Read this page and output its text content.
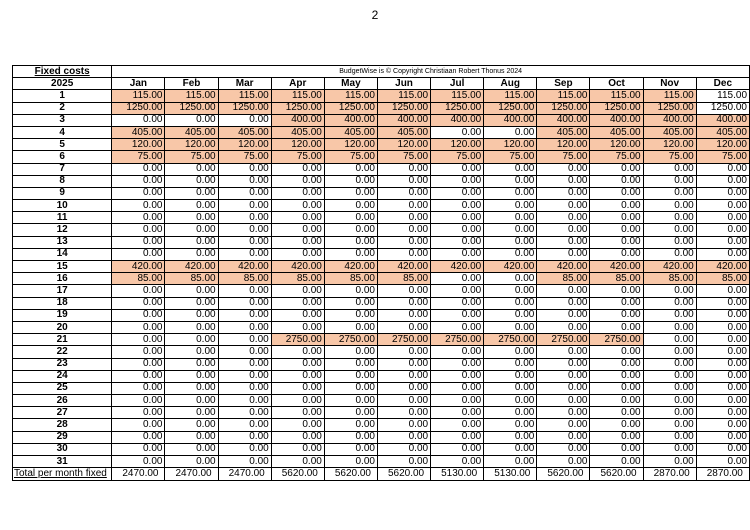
2
Fixed costs	BudgetWise is © Copyright Christiaan Robert Thonus 2024											
2025	Jan	Feb	Mar	Apr	May	Jun	Jul	Aug	Sep	Oct	Nov	Dec
1	115.00	115.00	115.00	115.00	115.00	115.00	115.00	115.00	115.00	115.00	115.00	115.00
2	1250.00	1250.00	1250.00	1250.00	1250.00	1250.00	1250.00	1250.00	1250.00	1250.00	1250.00	1250.00
3	0.00	0.00	0.00	400.00	400.00	400.00	400.00	400.00	400.00	400.00	400.00	400.00
4	405.00	405.00	405.00	405.00	405.00	405.00	0.00	0.00	405.00	405.00	405.00	405.00
5	120.00	120.00	120.00	120.00	120.00	120.00	120.00	120.00	120.00	120.00	120.00	120.00
6	75.00	75.00	75.00	75.00	75.00	75.00	75.00	75.00	75.00	75.00	75.00	75.00
7	0.00	0.00	0.00	0.00	0.00	0.00	0.00	0.00	0.00	0.00	0.00	0.00
8	0.00	0.00	0.00	0.00	0.00	0.00	0.00	0.00	0.00	0.00	0.00	0.00
9	0.00	0.00	0.00	0.00	0.00	0.00	0.00	0.00	0.00	0.00	0.00	0.00
10	0.00	0.00	0.00	0.00	0.00	0.00	0.00	0.00	0.00	0.00	0.00	0.00
11	0.00	0.00	0.00	0.00	0.00	0.00	0.00	0.00	0.00	0.00	0.00	0.00
12	0.00	0.00	0.00	0.00	0.00	0.00	0.00	0.00	0.00	0.00	0.00	0.00
13	0.00	0.00	0.00	0.00	0.00	0.00	0.00	0.00	0.00	0.00	0.00	0.00
14	0.00	0.00	0.00	0.00	0.00	0.00	0.00	0.00	0.00	0.00	0.00	0.00
15	420.00	420.00	420.00	420.00	420.00	420.00	420.00	420.00	420.00	420.00	420.00	420.00
16	85.00	85.00	85.00	85.00	85.00	85.00	0.00	0.00	85.00	85.00	85.00	85.00
17	0.00	0.00	0.00	0.00	0.00	0.00	0.00	0.00	0.00	0.00	0.00	0.00
18	0.00	0.00	0.00	0.00	0.00	0.00	0.00	0.00	0.00	0.00	0.00	0.00
19	0.00	0.00	0.00	0.00	0.00	0.00	0.00	0.00	0.00	0.00	0.00	0.00
20	0.00	0.00	0.00	0.00	0.00	0.00	0.00	0.00	0.00	0.00	0.00	0.00
21	0.00	0.00	0.00	2750.00	2750.00	2750.00	2750.00	2750.00	2750.00	2750.00	0.00	0.00
22	0.00	0.00	0.00	0.00	0.00	0.00	0.00	0.00	0.00	0.00	0.00	0.00
23	0.00	0.00	0.00	0.00	0.00	0.00	0.00	0.00	0.00	0.00	0.00	0.00
24	0.00	0.00	0.00	0.00	0.00	0.00	0.00	0.00	0.00	0.00	0.00	0.00
25	0.00	0.00	0.00	0.00	0.00	0.00	0.00	0.00	0.00	0.00	0.00	0.00
26	0.00	0.00	0.00	0.00	0.00	0.00	0.00	0.00	0.00	0.00	0.00	0.00
27	0.00	0.00	0.00	0.00	0.00	0.00	0.00	0.00	0.00	0.00	0.00	0.00
28	0.00	0.00	0.00	0.00	0.00	0.00	0.00	0.00	0.00	0.00	0.00	0.00
29	0.00	0.00	0.00	0.00	0.00	0.00	0.00	0.00	0.00	0.00	0.00	0.00
30	0.00	0.00	0.00	0.00	0.00	0.00	0.00	0.00	0.00	0.00	0.00	0.00
31	0.00	0.00	0.00	0.00	0.00	0.00	0.00	0.00	0.00	0.00	0.00	0.00
Total per month fixed	2470.00	2470.00	2470.00	5620.00	5620.00	5620.00	5130.00	5130.00	5620.00	5620.00	2870.00	2870.00
